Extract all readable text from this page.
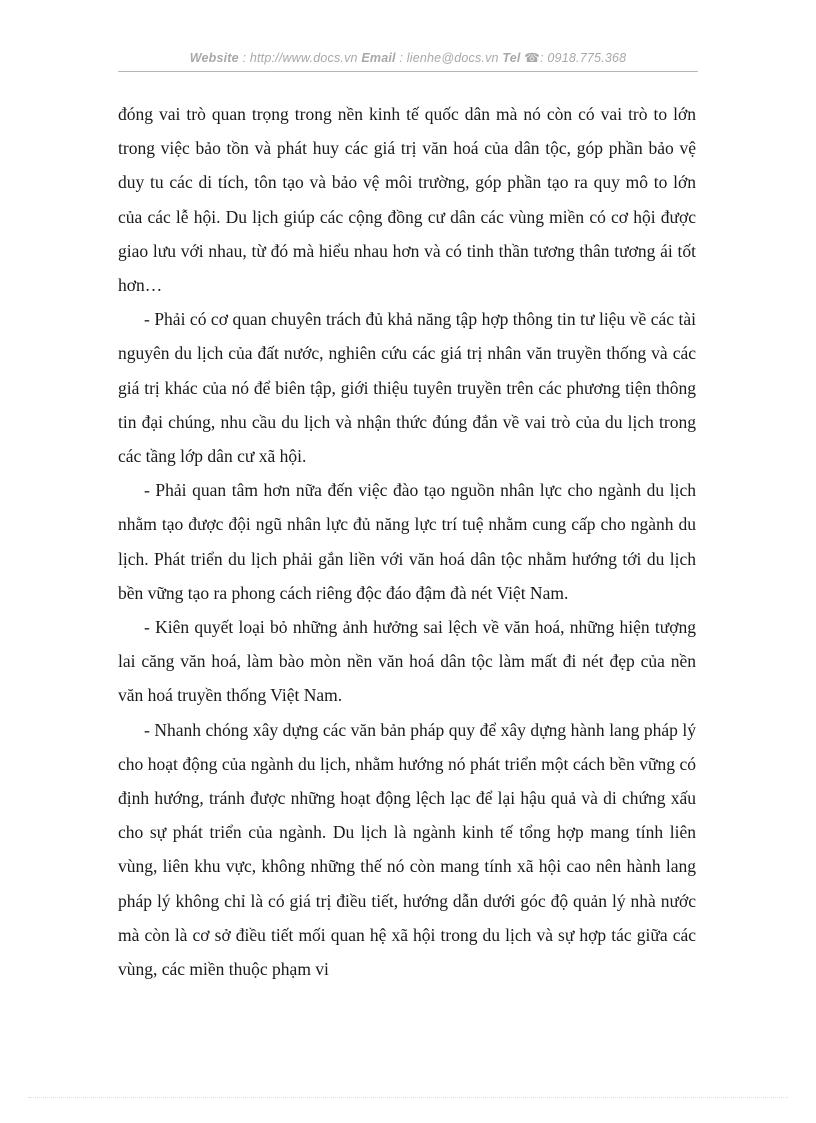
Website : http://www.docs.vn Email : lienhe@docs.vn Tel ☎: 0918.775.368

đóng vai trò quan trọng trong nền kinh tế quốc dân mà nó còn có vai trò to lớn trong việc bảo tồn và phát huy các giá trị văn hoá của dân tộc, góp phần bảo vệ duy tu các di tích, tôn tạo và bảo vệ môi trường, góp phần tạo ra quy mô to lớn của các lễ hội. Du lịch giúp các cộng đồng cư dân các vùng miền có cơ hội được giao lưu với nhau, từ đó mà hiểu nhau hơn và có tinh thần tương thân tương ái tốt hơn…

- Phải có cơ quan chuyên trách đủ khả năng tập hợp thông tin tư liệu về các tài nguyên du lịch của đất nước, nghiên cứu các giá trị nhân văn truyền thống và các giá trị khác của nó để biên tập, giới thiệu tuyên truyền trên các phương tiện thông tin đại chúng, nhu cầu du lịch và nhận thức đúng đắn về vai trò của du lịch trong các tầng lớp dân cư xã hội.

- Phải quan tâm hơn nữa đến việc đào tạo nguồn nhân lực cho ngành du lịch nhằm tạo được đội ngũ nhân lực đủ năng lực trí tuệ nhằm cung cấp cho ngành du lịch. Phát triển du lịch phải gắn liền với văn hoá dân tộc nhằm hướng tới du lịch bền vững tạo ra phong cách riêng độc đáo đậm đà nét Việt Nam.

- Kiên quyết loại bỏ những ảnh hưởng sai lệch về văn hoá, những hiện tượng lai căng văn hoá, làm bào mòn nền văn hoá dân tộc làm mất đi nét đẹp của nền văn hoá truyền thống Việt Nam.

- Nhanh chóng xây dựng các văn bản pháp quy để xây dựng hành lang pháp lý cho hoạt động của ngành du lịch, nhằm hướng nó phát triển một cách bền vững có định hướng, tránh được những hoạt động lệch lạc để lại hậu quả và di chứng xấu cho sự phát triển của ngành. Du lịch là ngành kinh tế tổng hợp mang tính liên vùng, liên khu vực, không những thế nó còn mang tính xã hội cao nên hành lang pháp lý không chỉ là có giá trị điều tiết, hướng dẫn dưới góc độ quản lý nhà nước mà còn là cơ sở điều tiết mối quan hệ xã hội trong du lịch và sự hợp tác giữa các vùng, các miền thuộc phạm vi
